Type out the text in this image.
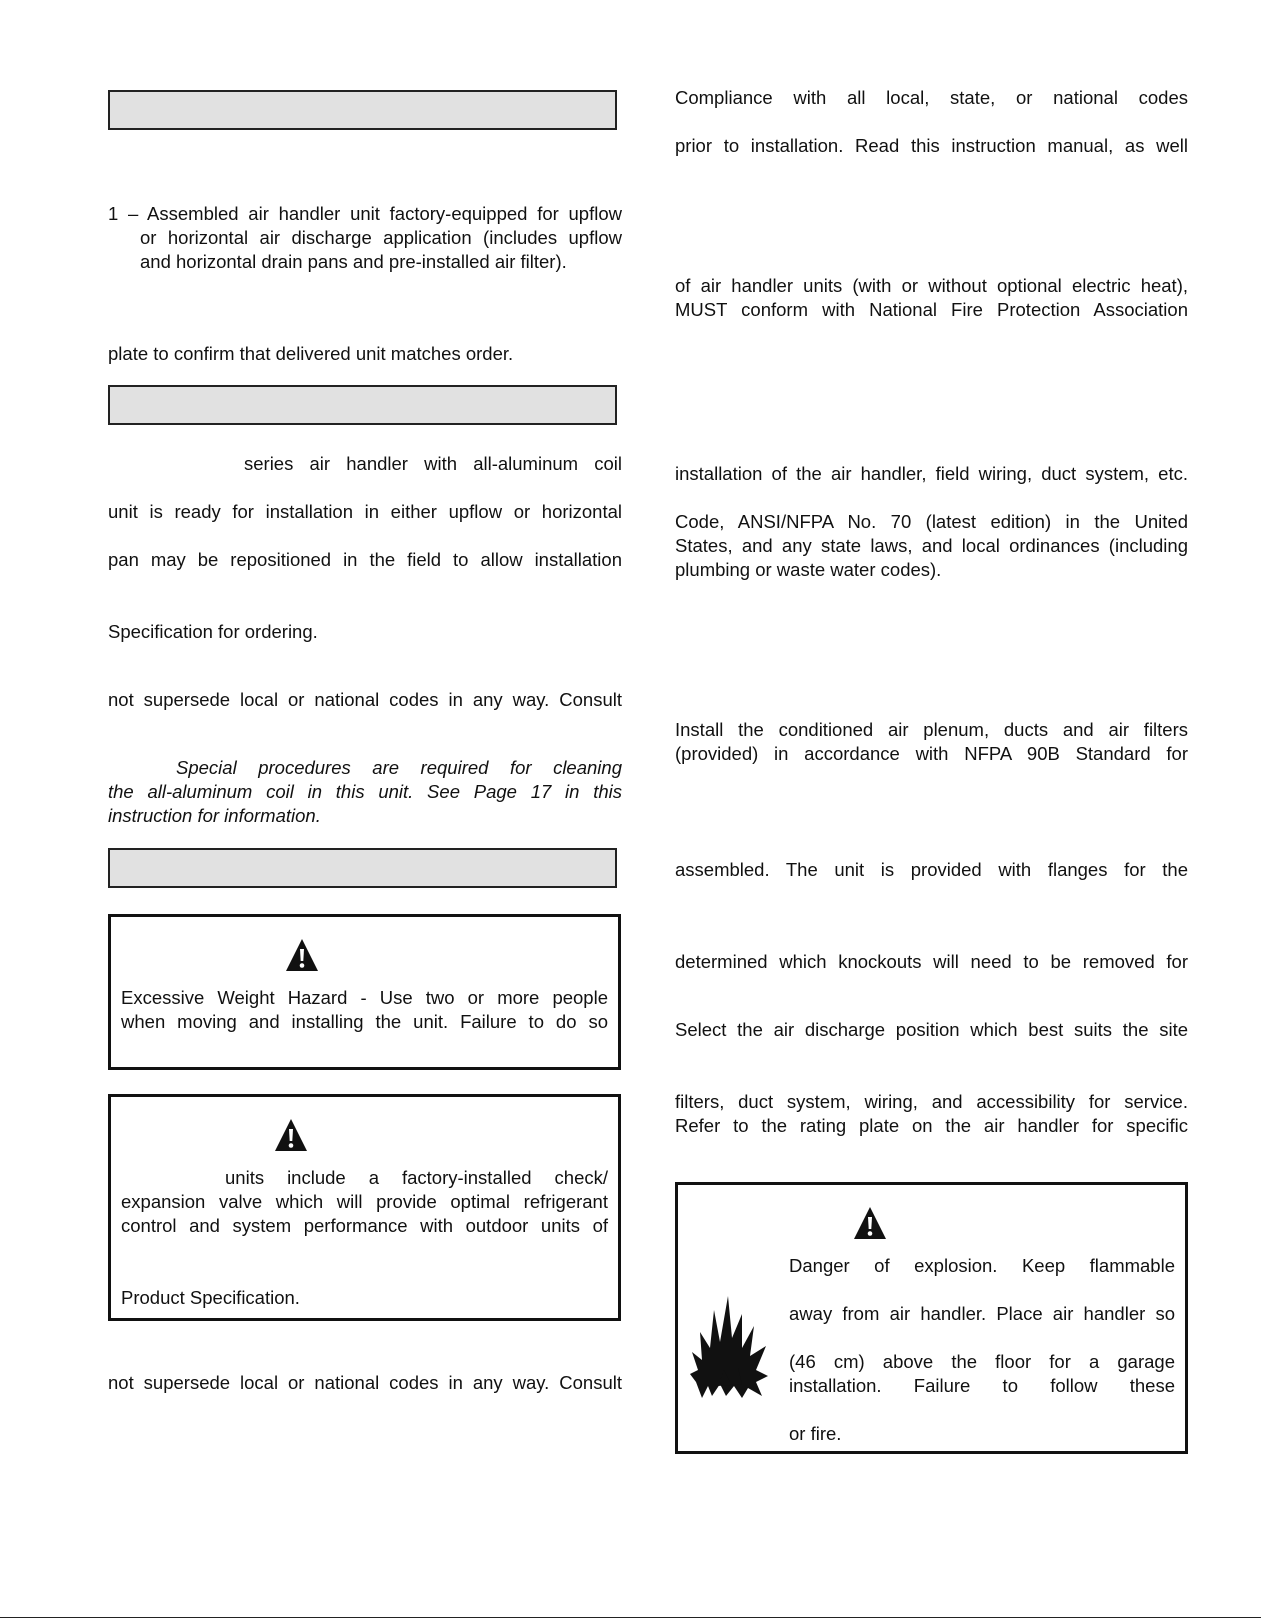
1 – Assembled air handler unit factory-equipped for upflow

or horizontal air discharge application (includes upflow

and horizontal drain pans and pre-installed air filter).

plate to confirm that delivered unit matches order.

series air handler with all-aluminum coil

unit is ready for installation in either upflow or horizontal

pan may be repositioned in the field to allow installation

Specification for ordering.

not supersede local or national codes in any way. Consult

Special procedures are required for cleaning

the all-aluminum coil in this unit. See Page 17 in this

instruction for information.

Excessive Weight Hazard - Use two or more people

when moving and installing the unit. Failure to do so

units include a factory-installed check/

expansion valve which will provide optimal refrigerant

control and system performance with outdoor units of

Product Specification.

not supersede local or national codes in any way. Consult

Compliance with all local, state, or national codes

prior to installation. Read this instruction manual, as well

of air handler units (with or without optional electric heat),

MUST conform with National Fire Protection Association

installation of the air handler, field wiring, duct system, etc.

Code, ANSI/NFPA No. 70 (latest edition) in the United

States, and any state laws, and local ordinances (including

plumbing or waste water codes).

Install the conditioned air plenum, ducts and air filters

(provided) in accordance with NFPA 90B Standard for

assembled. The unit is provided with flanges for the

determined which knockouts will need to be removed for

Select the air discharge position which best suits the site

filters, duct system, wiring, and accessibility for service.

Refer to the rating plate on the air handler for specific

Danger of explosion. Keep flammable

away from air handler. Place air handler so

(46 cm) above the floor for a garage

installation. Failure to follow these

or fire.
